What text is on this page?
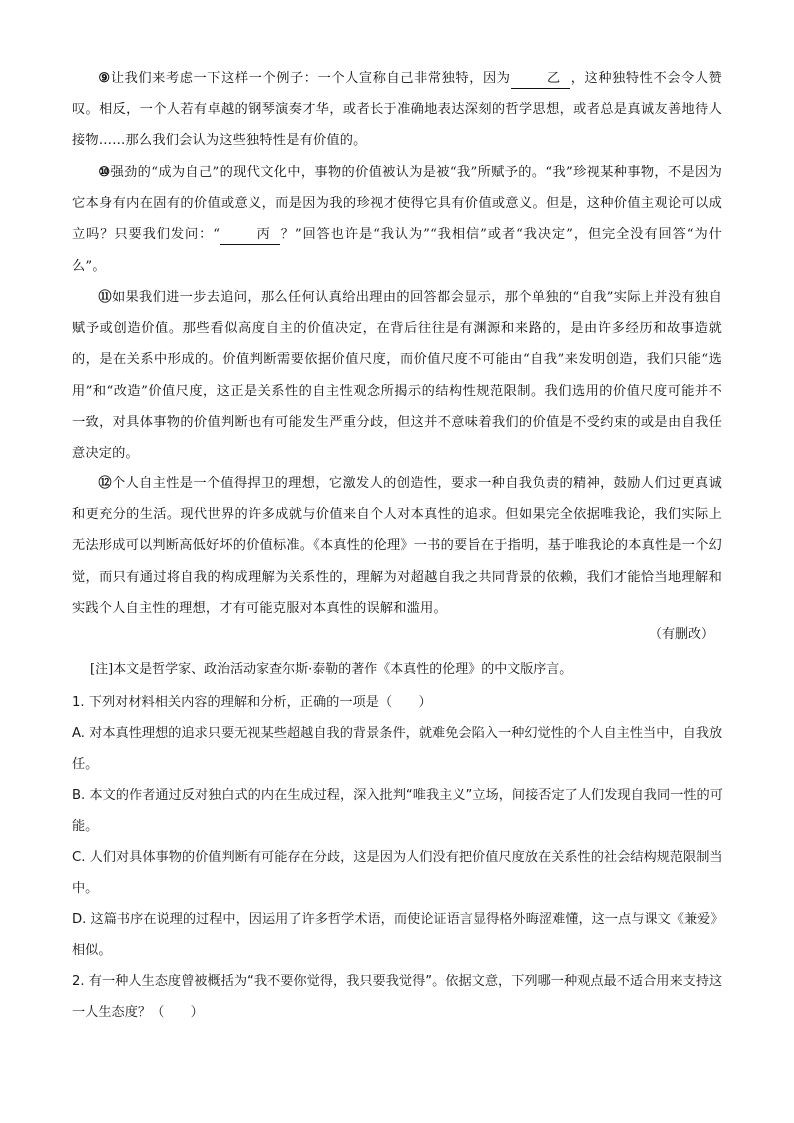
⑨让我们来考虑一下这样一个例子：一个人宣称自己非常独特，因为	乙 ，这种独特性不会令人赞叹。相反，一个人若有卓越的钢琴演奏才华，或者长于准确地表达深刻的哲学思想，或者总是真诚友善地待人接物……那么我们会认为这些独特性是有价值的。

⑩强劲的“成为自己”的现代文化中，事物的价值被认为是被“我”所赋予的。“我”珍视某种事物，不是因为它本身有内在固有的价值或意义，而是因为我的珍视才使得它具有价值或意义。但是，这种价值主观论可以成立吗？只要我们发问：“	丙 ？”回答也许是“我认为”“我相信”或者“我决定”，但完全没有回答“为什么”。

⑪如果我们进一步去追问，那么任何认真给出理由的回答都会显示，那个单独的“自我”实际上并没有独自赋予或创造价值。那些看似高度自主的价值决定，在背后往往是有渊源和来路的，是由许多经历和故事造就的，是在关系中形成的。价值判断需要依据价值尺度，而价值尺度不可能由“自我”来发明创造，我们只能“选用”和“改造”价值尺度，这正是关系性的自主性观念所揭示的结构性规范限制。我们选用的价值尺度可能并不一致，对具体事物的价值判断也有可能发生严重分歧，但这并不意味着我们的价值是不受约束的或是由自我任意决定的。

⑫个人自主性是一个值得捍卫的理想，它激发人的创造性，要求一种自我负责的精神，鼓励人们过更真诚和更充分的生活。现代世界的许多成就与价值来自个人对本真性的追求。但如果完全依据唯我论，我们实际上无法形成可以判断高低好坏的价值标准。《本真性的伦理》一书的要旨在于指明，基于唯我论的本真性是一个幻觉，而只有通过将自我的构成理解为关系性的，理解为对超越自我之共同背景的依赖，我们才能恰当地理解和实践个人自主性的理想，才有可能克服对本真性的误解和滥用。

（有删改）
[注]本文是哲学家、政治活动家查尔斯·泰勒的著作《本真性的伦理》的中文版序言。

1. 下列对材料相关内容的理解和分析，正确的一项是（　　）

A. 对本真性理想的追求只要无视某些超越自我的背景条件，就难免会陷入一种幻觉性的个人自主性当中，自我放任。

B. 本文的作者通过反对独白式的内在生成过程，深入批判“唯我主义”立场，间接否定了人们发现自我同一性的可能。

C. 人们对具体事物的价值判断有可能存在分歧，这是因为人们没有把价值尺度放在关系性的社会结构规范限制当中。

D. 这篇书序在说理的过程中，因运用了许多哲学术语，而使论证语言显得格外晦涩难懂，这一点与课文《兼爱》相似。

2. 有一种人生态度曾被概括为“我不要你觉得，我只要我觉得”。依据文意，下列哪一种观点最不适合用来支持这一人生态度？（　　）
